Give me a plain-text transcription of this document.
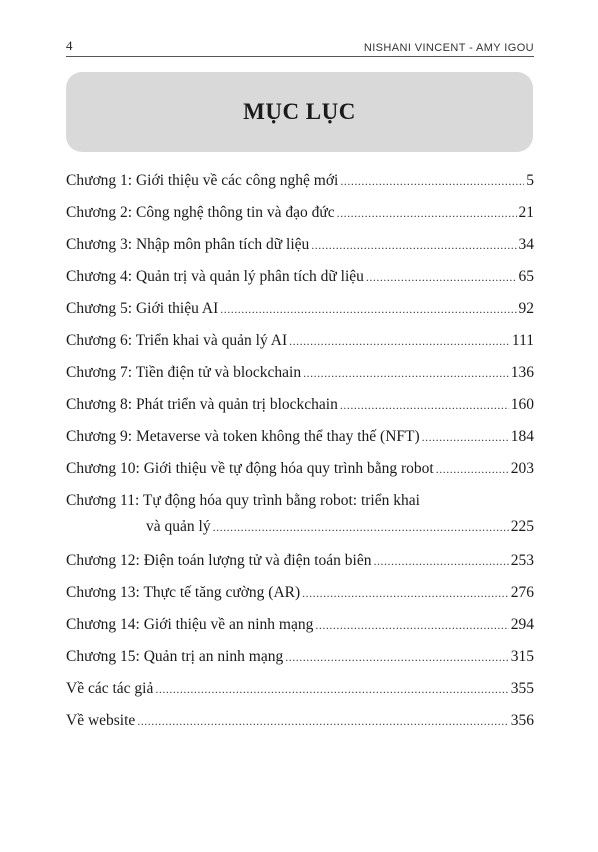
4	NISHANI VINCENT - AMY IGOU
MỤC LỤC
Chương 1: Giới thiệu về các công nghệ mới .....	5
Chương 2: Công nghệ thông tin và đạo đức .....	21
Chương 3: Nhập môn phân tích dữ liệu .....	34
Chương 4: Quản trị và quản lý phân tích dữ liệu .....	65
Chương 5: Giới thiệu AI .....	92
Chương 6: Triển khai và quản lý AI .....	111
Chương 7: Tiền điện tử và blockchain .....	136
Chương 8: Phát triển và quản trị blockchain .....	160
Chương 9: Metaverse và token không thể thay thế (NFT) .....	184
Chương 10: Giới thiệu về tự động hóa quy trình bằng robot .....	203
Chương 11: Tự động hóa quy trình bằng robot: triển khai
và quản lý .....	225
Chương 12: Điện toán lượng tử và điện toán biên .....	253
Chương 13: Thực tế tăng cường (AR) .....	276
Chương 14: Giới thiệu về an ninh mạng .....	294
Chương 15: Quản trị an ninh mạng .....	315
Về các tác giả .....	355
Về website .....	356
